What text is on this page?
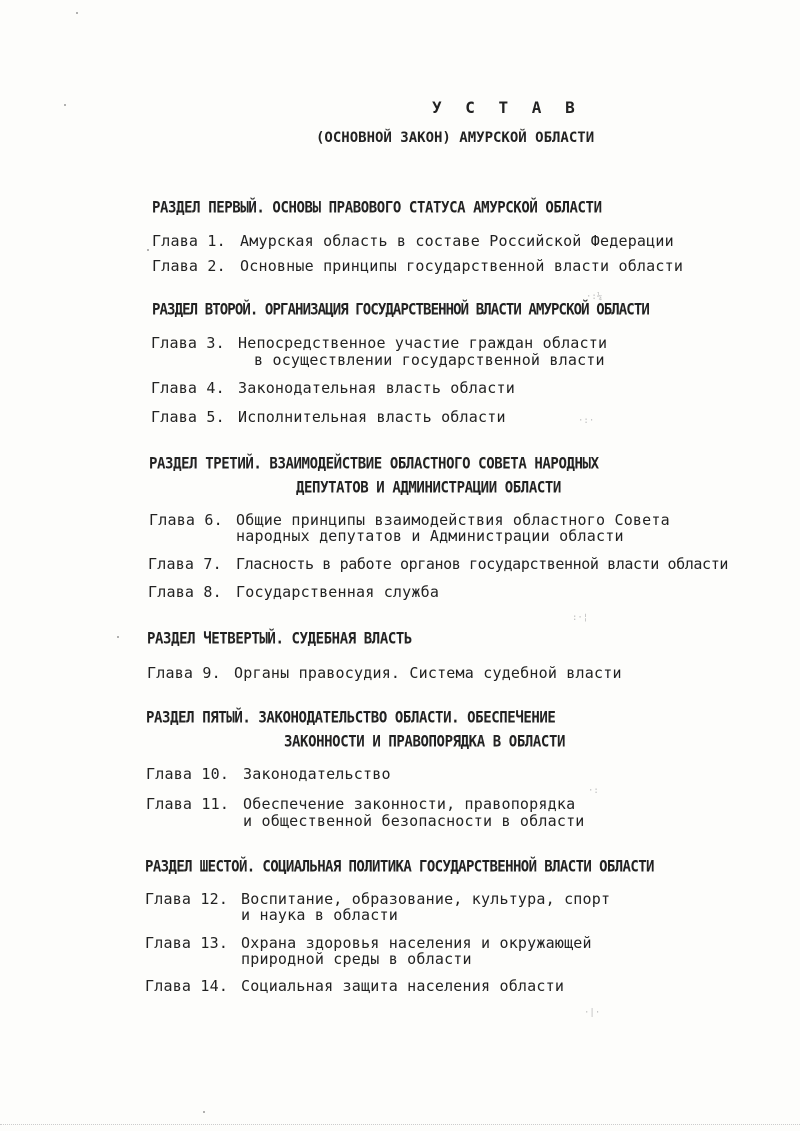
У С Т А В
(ОСНОВНОЙ ЗАКОН) АМУРСКОЙ ОБЛАСТИ
РАЗДЕЛ ПЕРВЫЙ. ОСНОВЫ ПРАВОВОГО СТАТУСА АМУРСКОЙ ОБЛАСТИ
Глава 1. Амурская область в составе Российской Федерации
Глава 2. Основные принципы государственной власти области
РАЗДЕЛ ВТОРОЙ. ОРГАНИЗАЦИЯ ГОСУДАРСТВЕННОЙ ВЛАСТИ АМУРСКОЙ ОБЛАСТИ
Глава 3. Непосредственное участие граждан области
в осуществлении государственной власти
Глава 4. Законодательная власть области
Глава 5. Исполнительная власть области
РАЗДЕЛ ТРЕТИЙ. ВЗАИМОДЕЙСТВИЕ ОБЛАСТНОГО СОВЕТА НАРОДНЫХ
ДЕПУТАТОВ И АДМИНИСТРАЦИИ ОБЛАСТИ
Глава 6. Общие принципы взаимодействия областного Совета
народных депутатов и Администрации области
Глава 7. Гласность в работе органов государственной власти области
Глава 8. Государственная служба
РАЗДЕЛ ЧЕТВЕРТЫЙ. СУДЕБНАЯ ВЛАСТЬ
Глава 9. Органы правосудия. Система судебной власти
РАЗДЕЛ ПЯТЫЙ. ЗАКОНОДАТЕЛЬСТВО ОБЛАСТИ. ОБЕСПЕЧЕНИЕ
ЗАКОННОСТИ И ПРАВОПОРЯДКА В ОБЛАСТИ
Глава 10. Законодательство
Глава 11. Обеспечение законности, правопорядка
и общественной безопасности в области
РАЗДЕЛ ШЕСТОЙ. СОЦИАЛЬНАЯ ПОЛИТИКА ГОСУДАРСТВЕННОЙ ВЛАСТИ ОБЛАСТИ
Глава 12. Воспитание, образование, культура, спорт
и наука в области
Глава 13. Охрана здоровья населения и окружающей
природной среды в области
Глава 14. Социальная защита населения области
·:¼
·:·
:·¦
·:
·|·
